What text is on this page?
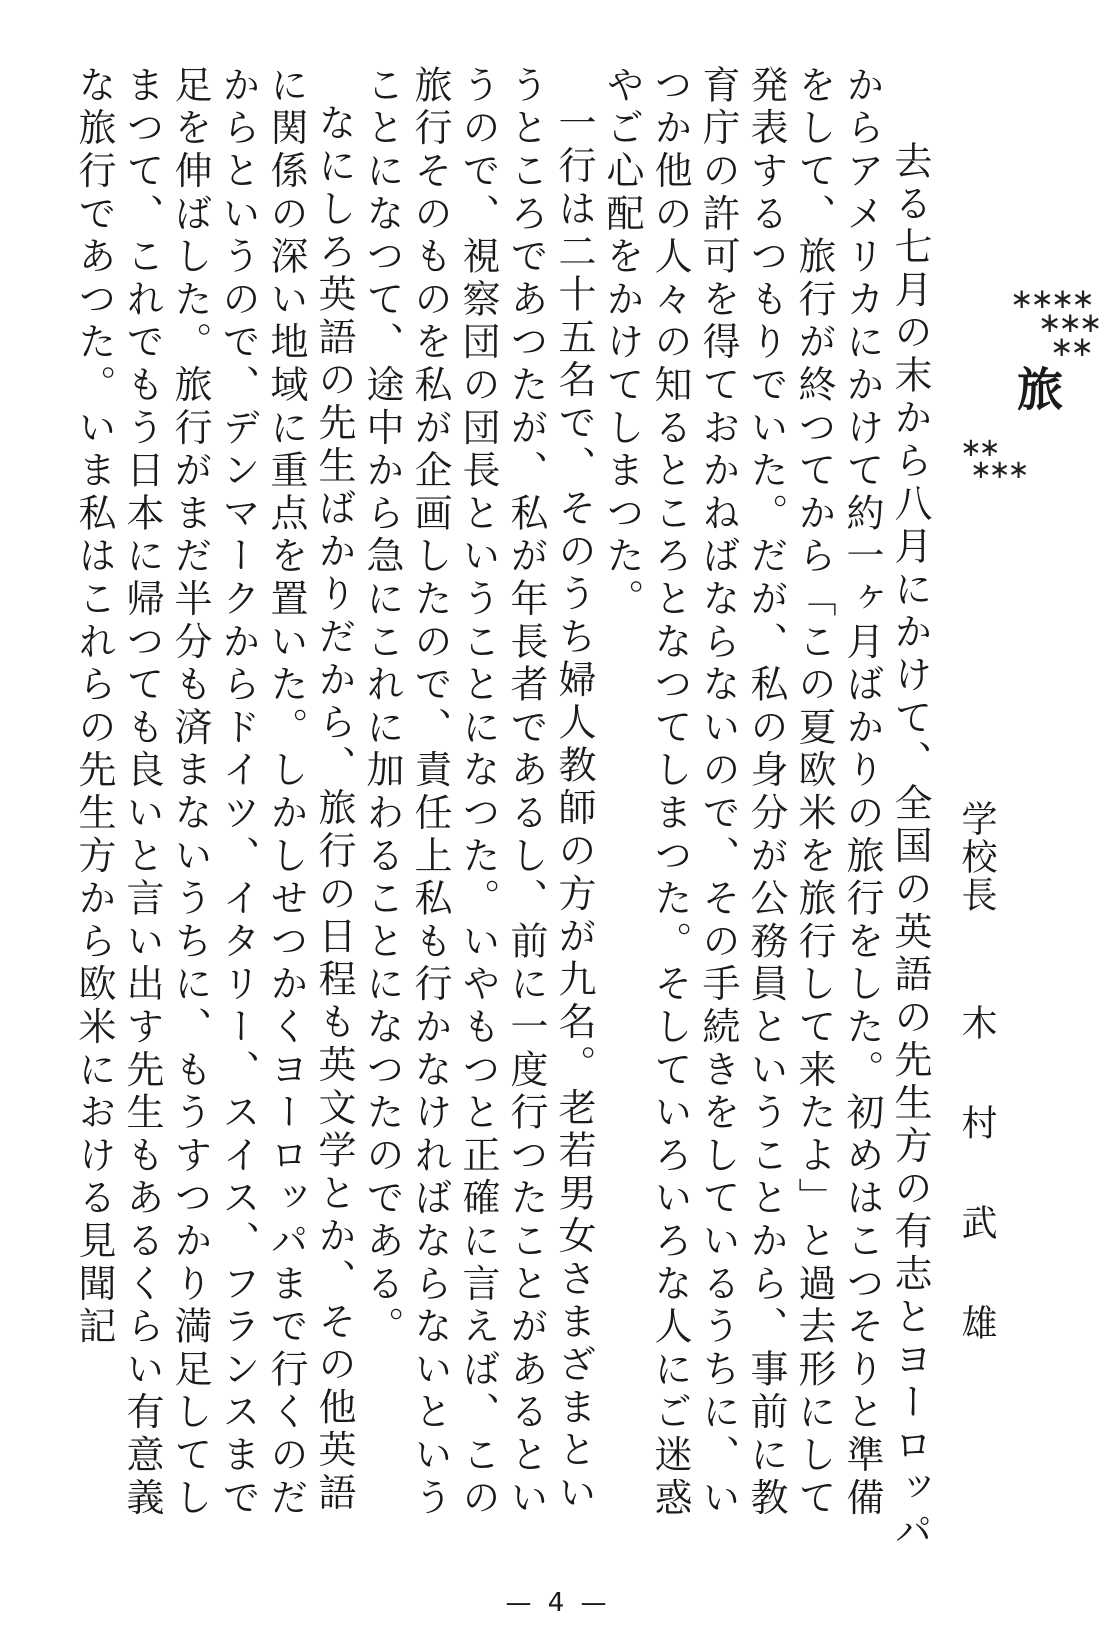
∗∗∗∗
∗∗∗
∗∗
旅
∗∗
∗∗∗
学校長木村武雄

去る七月の末から八月にかけて、全国の英語の先生方の有志とヨーロッパからアメリカにかけて約一ヶ月ばかりの旅行をした。初めはこつそりと準備をして、旅行が終つてから「この夏欧米を旅行して来たよ」と過去形にして発表するつもりでいた。だが、私の身分が公務員ということから、事前に教育庁の許可を得ておかねばならないので、その手続きをしているうちに、いつか他の人々の知るところとなつてしまつた。そしていろいろな人にご迷惑やご心配をかけてしまつた。

一行は二十五名で、そのうち婦人教師の方が九名。老若男女さまざまというところであつたが、私が年長者であるし、前に一度行つたことがあるというので、視察団の団長ということになつた。いやもつと正確に言えば、この旅行そのものを私が企画したので、責任上私も行かなければならないということになつて、途中から急にこれに加わることになつたのである。

なにしろ英語の先生ばかりだから、旅行の日程も英文学とか、その他英語に関係の深い地域に重点を置いた。しかしせつかくヨーロッパまで行くのだからというので、デンマークからドイツ、イタリー、スイス、フランスまで足を伸ばした。旅行がまだ半分も済まないうちに、もうすつかり満足してしまつて、これでもう日本に帰つても良いと言い出す先生もあるくらい有意義な旅行であつた。いま私はこれらの先生方から欧米における見聞記

— 4 —
